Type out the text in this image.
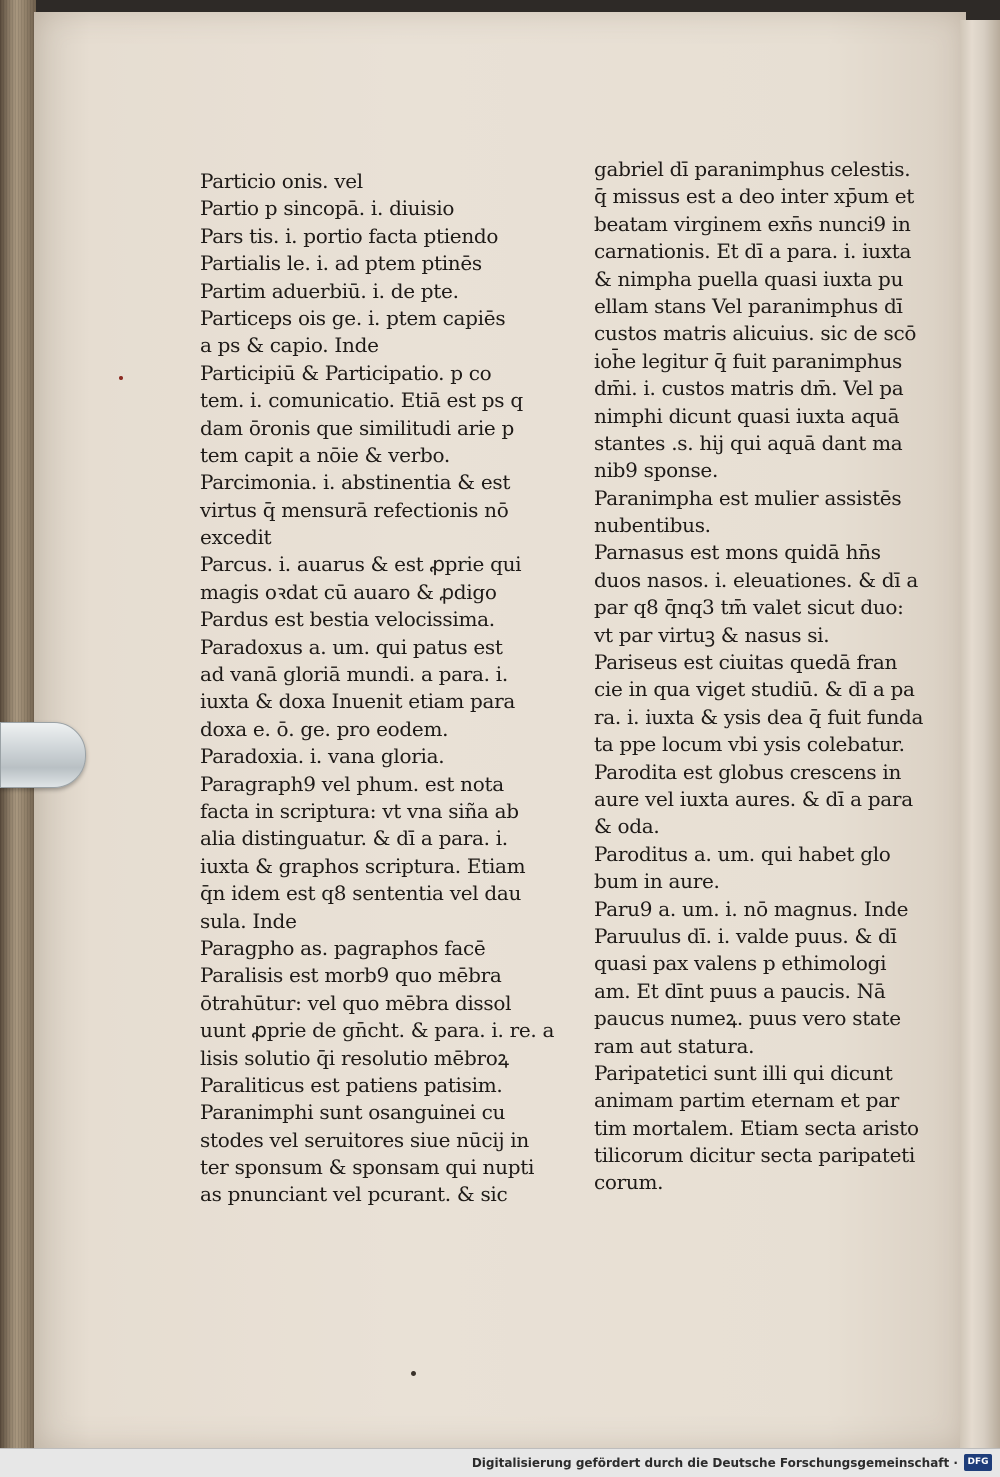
Particio onis. vel
Partio p sincopā. i. diuisio
Pars tis. i. portio facta ptiendo
Partialis le. i. ad ptem ptinēs
Partim aduerbiū. i. de pte.
Particeps ois ge. i. ptem capiēs
a ps & capio. Inde
Participiū & Participatio. p co
tem. i. comunicatio. Etiā est ps q
dam ōronis que similitudi arie p
tem capit a nōie & verbo.
Parcimonia. i. abstinentia & est
virtus q̄ mensurā refectionis nō
excedit
Parcus. i. auarus & est ꝓprie qui
magis oꝛdat cū auaro & ꝓdigo
Pardus est bestia velocissima.
Paradoxus a. um. qui patus est
ad vanā gloriā mundi. a para. i.
iuxta & doxa Inuenit etiam para
doxa e. ō. ge. pro eodem.
Paradoxia. i. vana gloria.
Paragraph9 vel phum. est nota
facta in scriptura: vt vna siña ab
alia distinguatur. & dī a para. i.
iuxta & graphos scriptura. Etiam
q̄n idem est q8 sententia vel dau
sula. Inde
Paragpho as. pagraphos facē
Paralisis est morb9 quo mēbra
ōtrahūtur: vel quo mēbra dissol
uunt ꝓprie de gn̄cht. & para. i. re. a
lisis solutio q̄i resolutio mēbroꝝ
Paraliticus est patiens patisim.
Paranimphi sunt osanguinei cu
stodes vel seruitores siue nūcij in
ter sponsum & sponsam qui nupti
as pnunciant vel pcurant. & sic
gabriel dī paranimphus celestis.
q̄ missus est a deo inter xp̄um et
beatam virginem exn̄s nunci9 in
carnationis. Et dī a para. i. iuxta
& nimpha puella quasi iuxta pu
ellam stans Vel paranimphus dī
custos matris alicuius. sic de scō
ioh̄e legitur q̄ fuit paranimphus
dm̄i. i. custos matris dm̄. Vel pa
nimphi dicunt quasi iuxta aquā
stantes .s. hij qui aquā dant ma
nib9 sponse.
Paranimpha est mulier assistēs
nubentibus.
Parnasus est mons quidā hn̄s
duos nasos. i. eleuationes. & dī a
par q8 q̄nq3 tm̄ valet sicut duo:
vt par virtuꝫ & nasus si.
Pariseus est ciuitas quedā fran
cie in qua viget studiū. & dī a pa
ra. i. iuxta & ysis dea q̄ fuit funda
ta ppe locum vbi ysis colebatur.
Parodita est globus crescens in
aure vel iuxta aures. & dī a para
& oda.
Paroditus a. um. qui habet glo
bum in aure.
Paru9 a. um. i. nō magnus. Inde
Paruulus dī. i. valde puus. & dī
quasi pax valens p ethimologi
am. Et dīnt puus a paucis. Nā
paucus numeꝝ. puus vero state
ram aut statura.
Paripatetici sunt illi qui dicunt
animam partim eternam et par
tim mortalem. Etiam secta aristo
tilicorum dicitur secta paripateti
corum.
Digitalisierung gefördert durch die Deutsche Forschungsgemeinschaft ·	DFG
